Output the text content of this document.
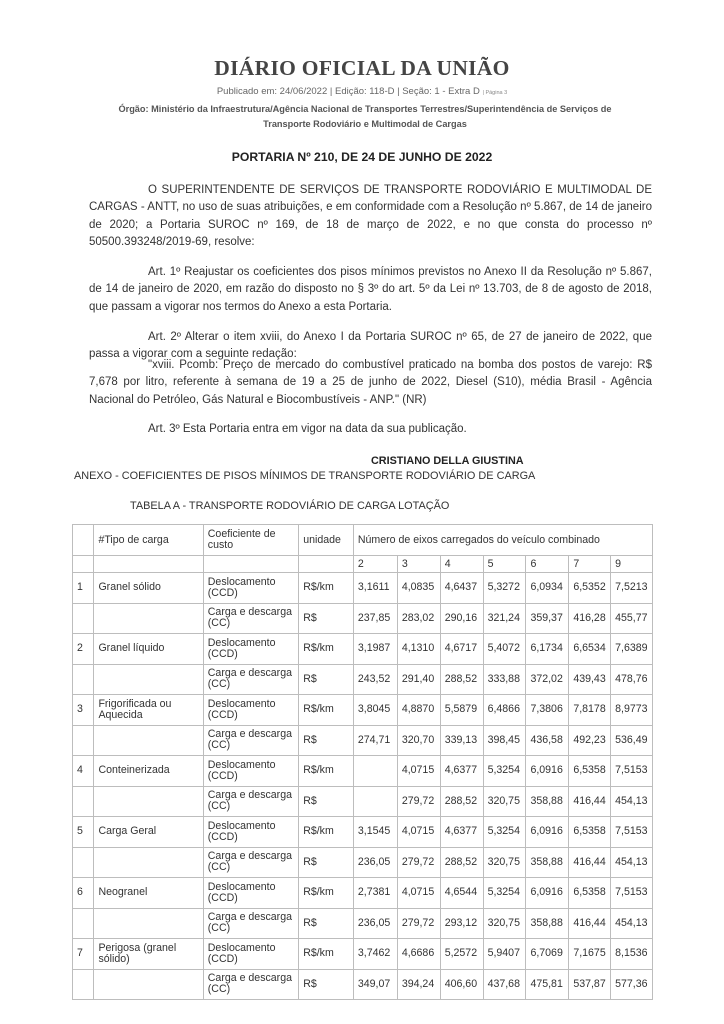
DIÁRIO OFICIAL DA UNIÃO
Publicado em: 24/06/2022 | Edição: 118-D | Seção: 1 - Extra D | Página 3
Órgão: Ministério da Infraestrutura/Agência Nacional de Transportes Terrestres/Superintendência de Serviços de Transporte Rodoviário e Multimodal de Cargas
PORTARIA Nº 210, DE 24 DE JUNHO DE 2022
O SUPERINTENDENTE DE SERVIÇOS DE TRANSPORTE RODOVIÁRIO E MULTIMODAL DE CARGAS - ANTT, no uso de suas atribuições, e em conformidade com a Resolução nº 5.867, de 14 de janeiro de 2020; a Portaria SUROC nº 169, de 18 de março de 2022, e no que consta do processo nº 50500.393248/2019-69, resolve:
Art. 1º Reajustar os coeficientes dos pisos mínimos previstos no Anexo II da Resolução nº 5.867, de 14 de janeiro de 2020, em razão do disposto no § 3º do art. 5º da Lei nº 13.703, de 8 de agosto de 2018, que passam a vigorar nos termos do Anexo a esta Portaria.
Art. 2º Alterar o item xviii, do Anexo I da Portaria SUROC nº 65, de 27 de janeiro de 2022, que passa a vigorar com a seguinte redação:
"xviii. Pcomb: Preço de mercado do combustível praticado na bomba dos postos de varejo: R$ 7,678 por litro, referente à semana de 19 a 25 de junho de 2022, Diesel (S10), média Brasil - Agência Nacional do Petróleo, Gás Natural e Biocombustíveis - ANP." (NR)
Art. 3º Esta Portaria entra em vigor na data da sua publicação.
CRISTIANO DELLA GIUSTINA
ANEXO - COEFICIENTES DE PISOS MÍNIMOS DE TRANSPORTE RODOVIÁRIO DE CARGA
TABELA A - TRANSPORTE RODOVIÁRIO DE CARGA LOTAÇÃO
	#Tipo de carga	Coeficiente de custo	unidade	Número de eixos carregados do veículo combinado						
				2	3	4	5	6	7	9
1	Granel sólido	Deslocamento (CCD)	R$/km	3,1611	4,0835	4,6437	5,3272	6,0934	6,5352	7,5213
		Carga e descarga (CC)	R$	237,85	283,02	290,16	321,24	359,37	416,28	455,77
2	Granel líquido	Deslocamento (CCD)	R$/km	3,1987	4,1310	4,6717	5,4072	6,1734	6,6534	7,6389
		Carga e descarga (CC)	R$	243,52	291,40	288,52	333,88	372,02	439,43	478,76
3	Frigorificada ou Aquecida	Deslocamento (CCD)	R$/km	3,8045	4,8870	5,5879	6,4866	7,3806	7,8178	8,9773
		Carga e descarga (CC)	R$	274,71	320,70	339,13	398,45	436,58	492,23	536,49
4	Conteinerizada	Deslocamento (CCD)	R$/km		4,0715	4,6377	5,3254	6,0916	6,5358	7,5153
		Carga e descarga (CC)	R$		279,72	288,52	320,75	358,88	416,44	454,13
5	Carga Geral	Deslocamento (CCD)	R$/km	3,1545	4,0715	4,6377	5,3254	6,0916	6,5358	7,5153
		Carga e descarga (CC)	R$	236,05	279,72	288,52	320,75	358,88	416,44	454,13
6	Neogranel	Deslocamento (CCD)	R$/km	2,7381	4,0715	4,6544	5,3254	6,0916	6,5358	7,5153
		Carga e descarga (CC)	R$	236,05	279,72	293,12	320,75	358,88	416,44	454,13
7	Perigosa (granel sólido)	Deslocamento (CCD)	R$/km	3,7462	4,6686	5,2572	5,9407	6,7069	7,1675	8,1536
		Carga e descarga (CC)	R$	349,07	394,24	406,60	437,68	475,81	537,87	577,36
